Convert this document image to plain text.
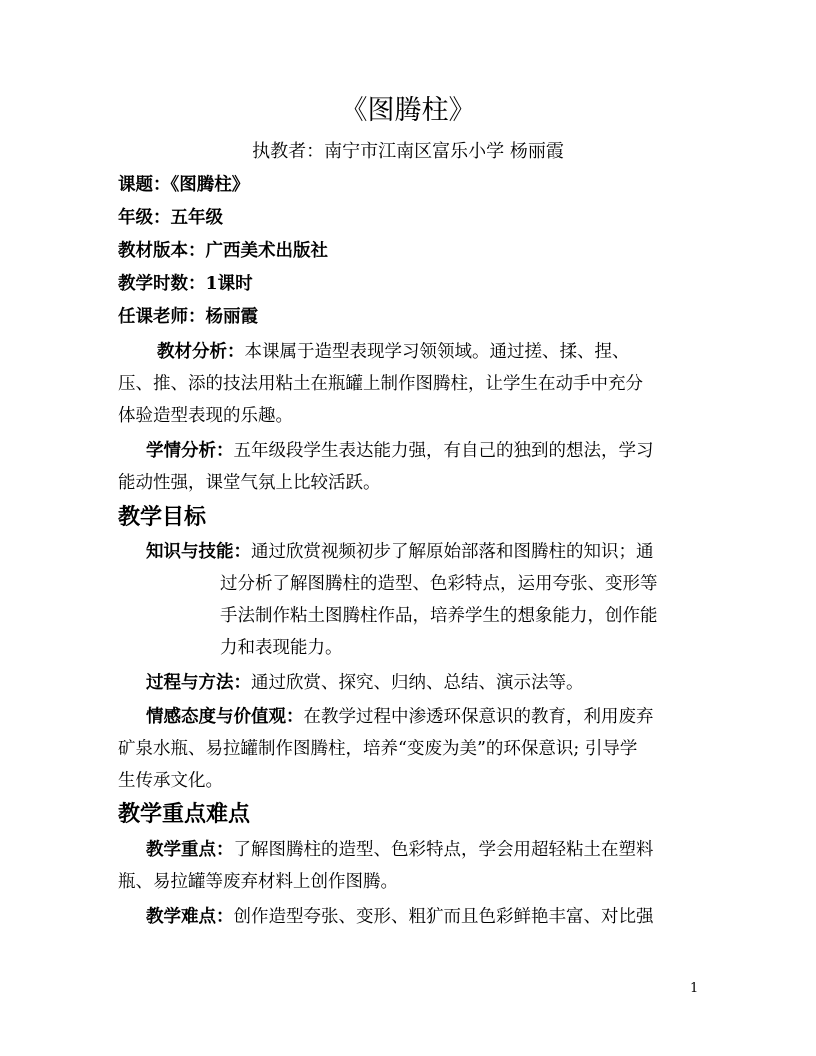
《图腾柱》
执教者：南宁市江南区富乐小学 杨丽霞
课题：《图腾柱》
年级：五年级
教材版本：广西美术出版社
教学时数：1课时
任课老师：杨丽霞
教材分析：本课属于造型表现学习领领域。通过搓、揉、捏、
压、推、添的技法用粘土在瓶罐上制作图腾柱，让学生在动手中充分
体验造型表现的乐趣。
学情分析：五年级段学生表达能力强，有自己的独到的想法，学习
能动性强，课堂气氛上比较活跃。
教学目标
知识与技能：通过欣赏视频初步了解原始部落和图腾柱的知识；通
过分析了解图腾柱的造型、色彩特点，运用夸张、变形等
手法制作粘土图腾柱作品，培养学生的想象能力，创作能
力和表现能力。
过程与方法：通过欣赏、探究、归纳、总结、演示法等。
情感态度与价值观：在教学过程中渗透环保意识的教育，利用废弃
矿泉水瓶、易拉罐制作图腾柱，培养“变废为美”的环保意识; 引导学
生传承文化。
教学重点难点
教学重点：了解图腾柱的造型、色彩特点，学会用超轻粘土在塑料
瓶、易拉罐等废弃材料上创作图腾。
教学难点：创作造型夸张、变形、粗犷而且色彩鲜艳丰富、对比强
1
